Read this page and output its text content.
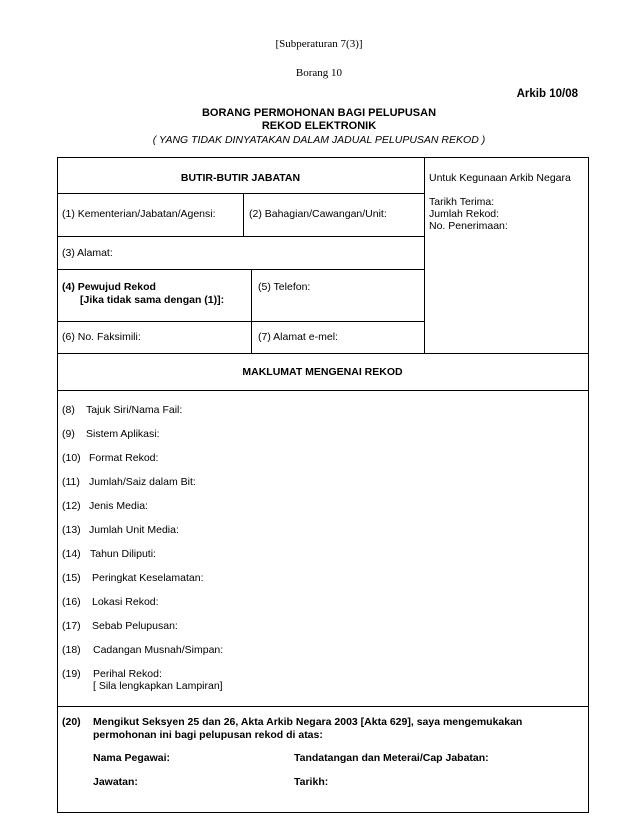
[Subperaturan 7(3)]
Borang 10
Arkib 10/08
BORANG PERMOHONAN BAGI PELUPUSAN
REKOD ELEKTRONIK
( YANG TIDAK DINYATAKAN DALAM JADUAL PELUPUSAN REKOD )
BUTIR-BUTIR JABATAN
(1) Kementerian/Jabatan/Agensi:	(2) Bahagian/Cawangan/Unit:
(3) Alamat:
(4) Pewujud Rekod
[Jika tidak sama dengan (1)]:
(5) Telefon:
(6) No. Faksimili:	(7) Alamat e-mel:
Untuk Kegunaan Arkib Negara
Tarikh Terima:
Jumlah Rekod:
No. Penerimaan:
MAKLUMAT MENGENAI REKOD
(8) Tajuk Siri/Nama Fail:
(9) Sistem Aplikasi:
(10) Format Rekod:
(11) Jumlah/Saiz dalam Bit:
(12) Jenis Media:
(13) Jumlah Unit Media:
(14) Tahun Diliputi:
(15) Peringkat Keselamatan:
(16) Lokasi Rekod:
(17) Sebab Pelupusan:
(18) Cadangan Musnah/Simpan:
(19) Perihal Rekod:
[ Sila lengkapkan Lampiran]
(20) Mengikut Seksyen 25 dan 26, Akta Arkib Negara 2003 [Akta 629], saya mengemukakan
permohonan ini bagi pelupusan rekod di atas:
Nama Pegawai:	Tandatangan dan Meterai/Cap Jabatan:
Jawatan:	Tarikh:
